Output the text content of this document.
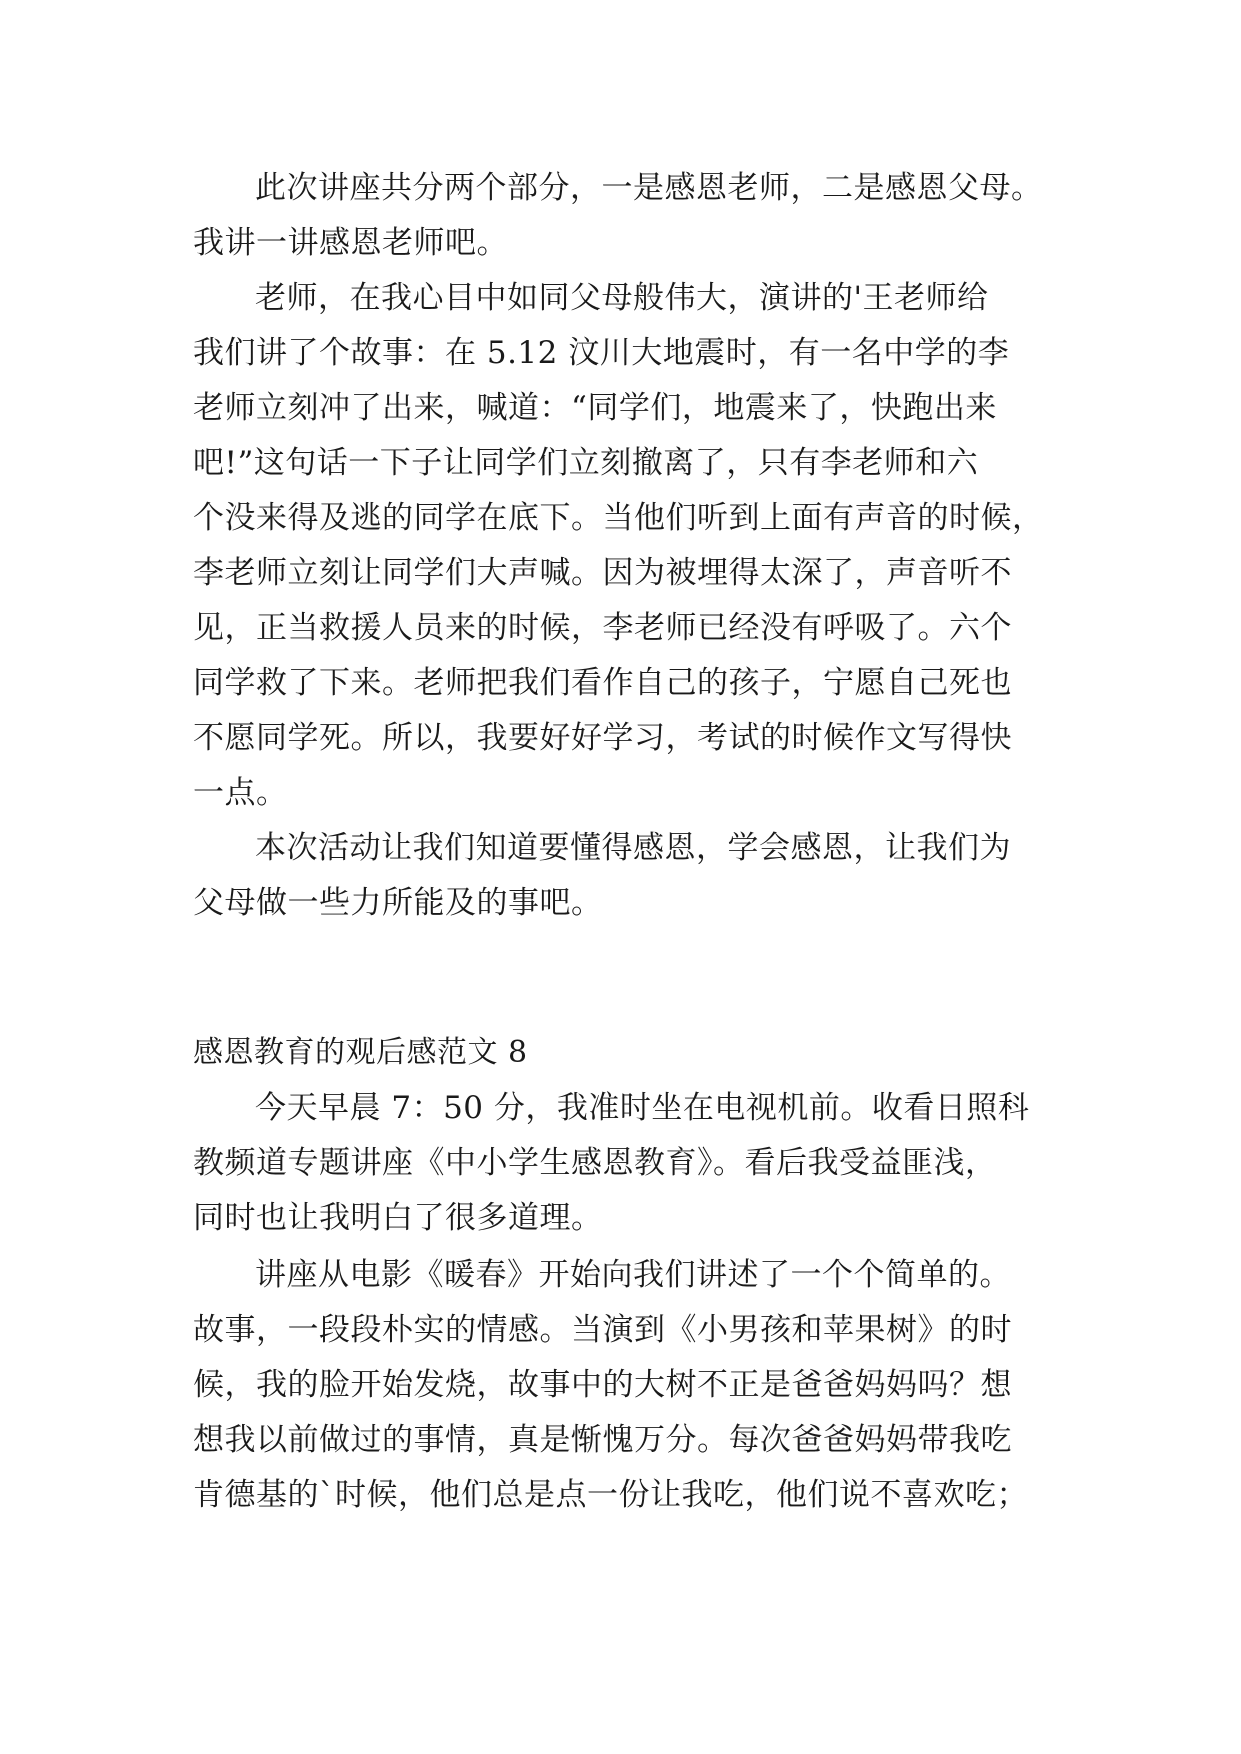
此次讲座共分两个部分，一是感恩老师，二是感恩父母。
我讲一讲感恩老师吧。
老师，在我心目中如同父母般伟大，演讲的'王老师给
我们讲了个故事：在 5.12 汶川大地震时，有一名中学的李
老师立刻冲了出来，喊道：“同学们，地震来了，快跑出来
吧!”这句话一下子让同学们立刻撤离了，只有李老师和六
个没来得及逃的同学在底下。当他们听到上面有声音的时候，
李老师立刻让同学们大声喊。因为被埋得太深了，声音听不
见，正当救援人员来的时候，李老师已经没有呼吸了。六个
同学救了下来。老师把我们看作自己的孩子，宁愿自己死也
不愿同学死。所以，我要好好学习，考试的时候作文写得快
一点。
本次活动让我们知道要懂得感恩，学会感恩，让我们为
父母做一些力所能及的事吧。
感恩教育的观后感范文 8
今天早晨 7：50 分，我准时坐在电视机前。收看日照科
教频道专题讲座《中小学生感恩教育》。看后我受益匪浅，
同时也让我明白了很多道理。
讲座从电影《暖春》开始向我们讲述了一个个简单的。
故事，一段段朴实的情感。当演到《小男孩和苹果树》的时
候，我的脸开始发烧，故事中的大树不正是爸爸妈妈吗？想
想我以前做过的事情，真是惭愧万分。每次爸爸妈妈带我吃
肯德基的`时候，他们总是点一份让我吃，他们说不喜欢吃；
